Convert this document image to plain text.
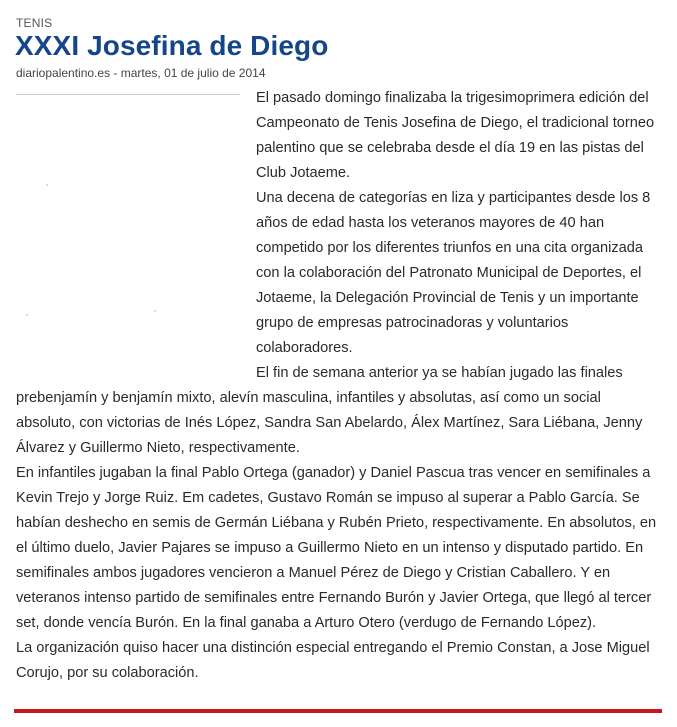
TENIS
XXXI Josefina de Diego
diariopalentino.es - martes, 01 de julio de 2014

El pasado domingo finalizaba la trigesimoprimera edición del Campeonato de Tenis Josefina de Diego, el tradicional torneo palentino que se celebraba desde el día 19 en las pistas del Club Jotaeme.

Una decena de categorías en liza y participantes desde los 8 años de edad hasta los veteranos mayores de 40 han competido por los diferentes triunfos en una cita organizada con la colaboración del Patronato Municipal de Deportes, el Jotaeme, la Delegación Provincial de Tenis y un importante grupo de empresas patrocinadoras y voluntarios colaboradores.

El fin de semana anterior ya se habían jugado las finales prebenjamín y benjamín mixto, alevín masculina, infantiles y absolutas, así como un social absoluto, con victorias de Inés López, Sandra San Abelardo, Álex Martínez, Sara Liébana, Jenny Álvarez y Guillermo Nieto, respectivamente.

En infantiles jugaban la final Pablo Ortega (ganador) y Daniel Pascua tras vencer en semifinales a Kevin Trejo y Jorge Ruiz. Em cadetes, Gustavo Román se impuso al superar a Pablo García. Se habían deshecho en semis de Germán Liébana y Rubén Prieto, respectivamente. En absolutos, en el último duelo, Javier Pajares se impuso a Guillermo Nieto en un intenso y disputado partido. En semifinales ambos jugadores vencieron a Manuel Pérez de Diego y Cristian Caballero. Y en veteranos intenso partido de semifinales entre Fernando Burón y Javier Ortega, que llegó al tercer set, donde vencía Burón. En la final ganaba a Arturo Otero (verdugo de Fernando López).

La organización quiso hacer una distinción especial entregando el Premio Constan, a Jose Miguel Corujo, por su colaboración.
